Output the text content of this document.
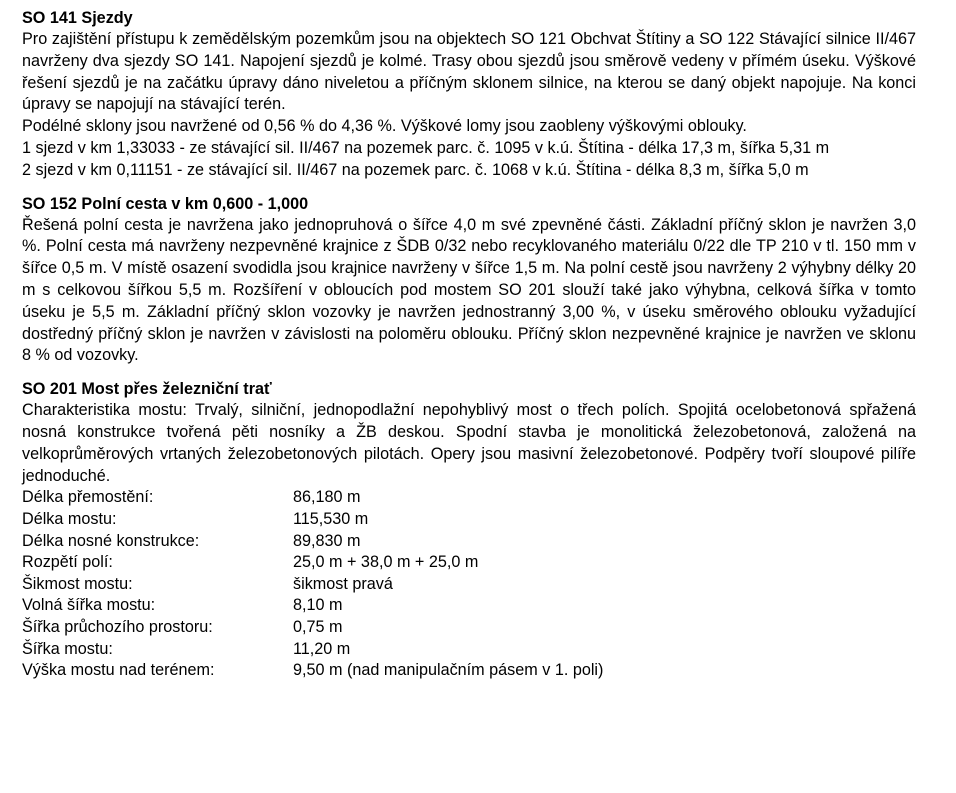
SO 141 Sjezdy
Pro zajištění přístupu k zemědělským pozemkům jsou na objektech SO 121 Obchvat Štítiny a SO 122 Stávající silnice II/467 navrženy dva sjezdy SO 141. Napojení sjezdů je kolmé. Trasy obou sjezdů jsou směrově vedeny v přímém úseku. Výškové řešení sjezdů je na začátku úpravy dáno niveletou a příčným sklonem silnice, na kterou se daný objekt napojuje. Na konci úpravy se napojují na stávající terén.
Podélné sklony jsou navržené od 0,56 % do 4,36 %. Výškové lomy jsou zaobleny výškovými oblouky.
1 sjezd v km 1,33033 - ze stávající sil. II/467 na pozemek parc. č. 1095 v k.ú. Štítina - délka 17,3 m, šířka 5,31 m
2 sjezd v km 0,11151 - ze stávající sil. II/467 na pozemek parc. č. 1068 v k.ú. Štítina - délka 8,3 m, šířka 5,0 m
SO 152 Polní cesta v km 0,600 - 1,000
Řešená polní cesta je navržena jako jednopruhová o šířce 4,0 m své zpevněné části. Základní příčný sklon je navržen 3,0 %. Polní cesta má navrženy nezpevněné krajnice z ŠDB 0/32 nebo recyklovaného materiálu 0/22 dle TP 210 v tl. 150 mm v šířce 0,5 m. V místě osazení svodidla jsou krajnice navrženy v šířce 1,5 m. Na polní cestě jsou navrženy 2 výhybny délky 20 m s celkovou šířkou 5,5 m. Rozšíření v obloucích pod mostem SO 201 slouží také jako výhybna, celková šířka v tomto úseku je 5,5 m. Základní příčný sklon vozovky je navržen jednostranný 3,00 %, v úseku směrového oblouku vyžadující dostředný příčný sklon je navržen v závislosti na poloměru oblouku. Příčný sklon nezpevněné krajnice je navržen ve sklonu 8 % od vozovky.
SO 201 Most přes železniční trať
Charakteristika mostu: Trvalý, silniční, jednopodlažní nepohyblivý most o třech polích. Spojitá ocelobetonová spřažená nosná konstrukce tvořená pěti nosníky a ŽB deskou. Spodní stavba je monolitická železobetonová, založená na velkoprůměrových vrtaných železobetonových pilotách. Opery jsou masivní železobetonové. Podpěry tvoří sloupové pilíře jednoduché.
Délka přemostění:	86,180 m
Délka mostu:	115,530 m
Délka nosné konstrukce:	89,830 m
Rozpětí polí:	25,0 m + 38,0 m + 25,0 m
Šikmost mostu:	šikmost pravá
Volná šířka mostu:	8,10 m
Šířka průchozího prostoru:	0,75 m
Šířka mostu:	11,20 m
Výška mostu nad terénem:	9,50 m (nad manipulačním pásem v 1. poli)
